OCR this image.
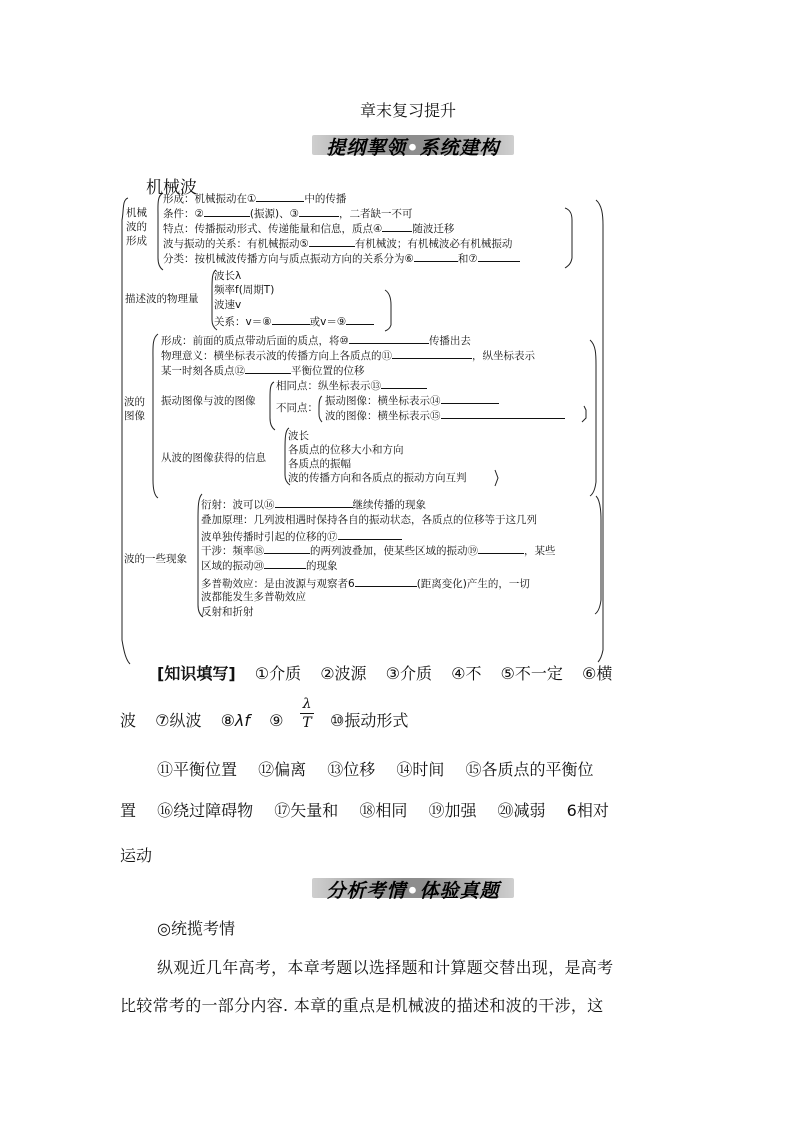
章末复习提升
提纲挈领•系统建构
机械波
机械
波的
形成
形成：机械振动在①	中的传播
条件：②	(振源)、③	，二者缺一不可
特点：传播振动形式、传递能量和信息，质点④	随波迁移
波与振动的关系：有机械振动⑤	有机械波；有机械波必有机械振动
分类：按机械波传播方向与质点振动方向的关系分为⑥	和⑦
描述波的物理量
波长λ
频率f(周期T)
波速v
关系：v＝⑧	或v＝⑨
波的
图像
形成：前面的质点带动后面的质点，将⑩	传播出去
物理意义：横坐标表示波的传播方向上各质点的⑪	，纵坐标表示
某一时刻各质点⑫	平衡位置的位移
振动图像与波的图像
相同点：纵坐标表示⑬
不同点：
振动图像：横坐标表示⑭
波的图像：横坐标表示⑮
从波的图像获得的信息
波长
各质点的位移大小和方向
各质点的振幅
波的传播方向和各质点的振动方向互判
波的一些现象
衍射：波可以⑯	继续传播的现象
叠加原理：几列波相遇时保持各自的振动状态，各质点的位移等于这几列
波单独传播时引起的位移的⑰
干涉：频率⑱	的两列波叠加，使某些区域的振动⑲	，某些
区域的振动⑳	的现象
多普勒效应：是由波源与观察者6	(距离变化)产生的，一切
波都能发生多普勒效应
反射和折射
[知识填写] ①介质 ②波源 ③介质 ④不 ⑤不一定 ⑥横
波 ⑦纵波 ⑧λf ⑨
λ
T ⑩振动形式
⑪平衡位置 ⑫偏离 ⑬位移 ⑭时间 ⑮各质点的平衡位
置 ⑯绕过障碍物 ⑰矢量和 ⑱相同 ⑲加强 ⑳减弱 6相对
运动
分析考情•体验真题
◎统揽考情
纵观近几年高考，本章考题以选择题和计算题交替出现，是高考
比较常考的一部分内容. 本章的重点是机械波的描述和波的干涉，这
